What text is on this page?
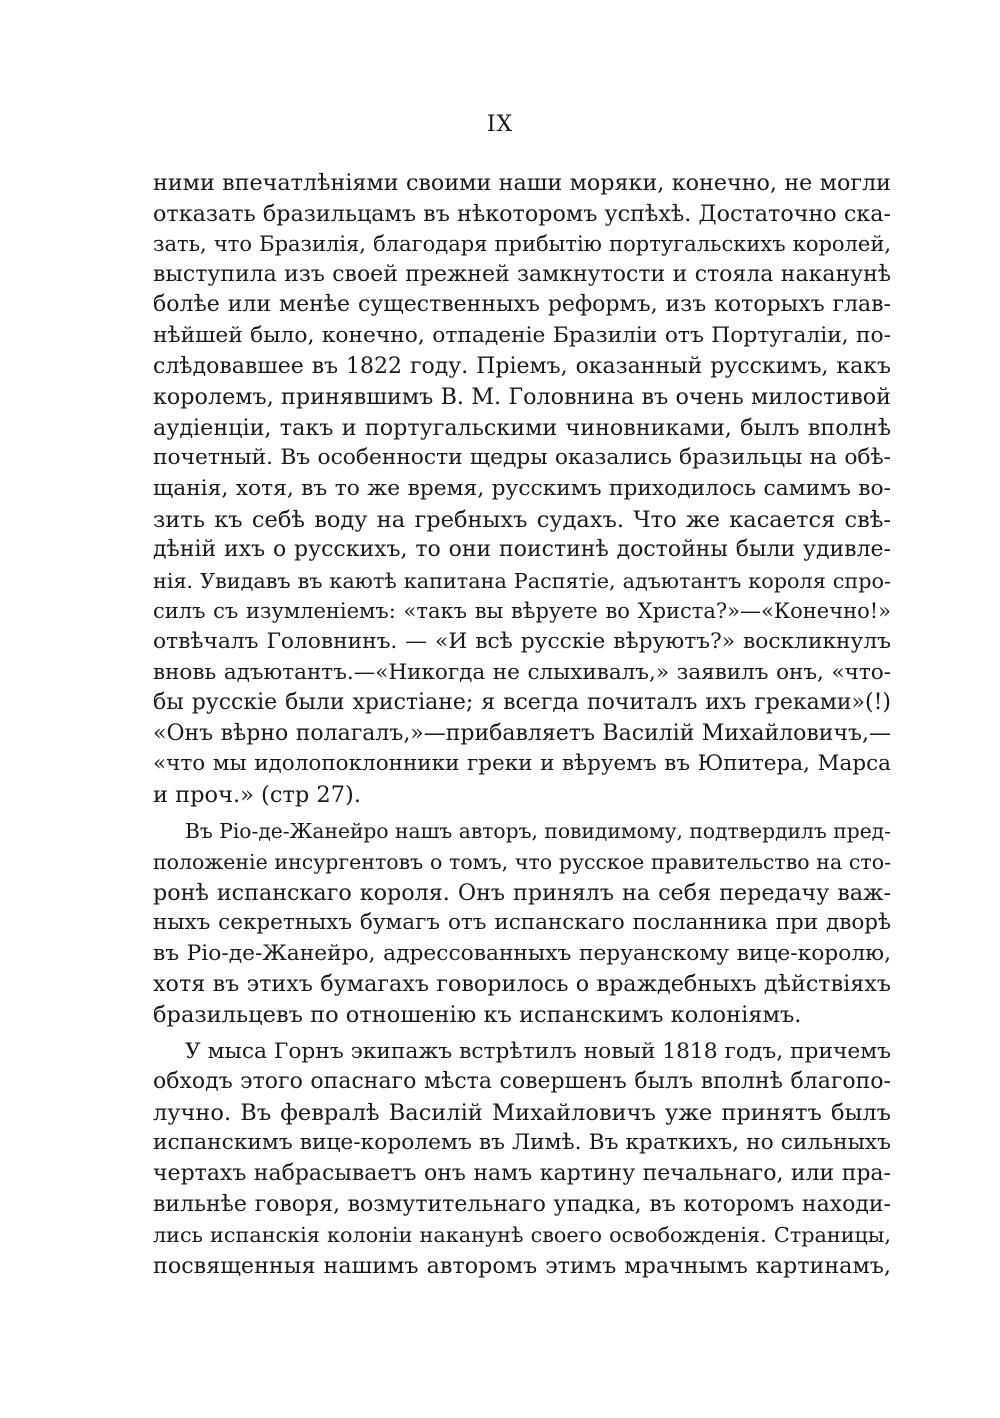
IX
ними впечатлѣніями своими наши моряки, конечно, не могли
отказать бразильцамъ въ нѣкоторомъ успѣхѣ. Достаточно ска-
зать, что Бразилія, благодаря прибытію португальскихъ королей,
выступила изъ своей прежней замкнутости и стояла наканунѣ
болѣе или менѣе существенныхъ реформъ, изъ которыхъ глав-
нѣйшей было, конечно, отпаденіе Бразиліи отъ Португаліи, по-
слѣдовавшее въ 1822 году. Пріемъ, оказанный русскимъ, какъ
королемъ, принявшимъ В. М. Головнина въ очень милостивой
аудіенціи, такъ и португальскими чиновниками, былъ вполнѣ
почетный. Въ особенности щедры оказались бразильцы на обѣ-
щанія, хотя, въ то же время, русскимъ приходилось самимъ во-
зить къ себѣ воду на гребныхъ судахъ. Что же касается свѣ-
дѣній ихъ о русскихъ, то они поистинѣ достойны были удивле-
нія. Увидавъ въ каютѣ капитана Распятіе, адъютантъ короля спро-
силъ съ изумленіемъ: «такъ вы вѣруете во Христа?»—«Конечно!»
отвѣчалъ Головнинъ. — «И всѣ русскіе вѣруютъ?» воскликнулъ
вновь адъютантъ.—«Никогда не слыхивалъ,» заявилъ онъ, «что-
бы русскіе были христіане; я всегда почиталъ ихъ греками»(!)
«Онъ вѣрно полагалъ,»—прибавляетъ Василій Михайловичъ,—
«что мы идолопоклонники греки и вѣруемъ въ Юпитера, Марса
и проч.» (стр 27).
Въ Ріо-де-Жанейро нашъ авторъ, повидимому, подтвердилъ пред-
положеніе инсургентовъ о томъ, что русское правительство на сто-
ронѣ испанскаго короля. Онъ принялъ на себя передачу важ-
ныхъ секретныхъ бумагъ отъ испанскаго посланника при дворѣ
въ Ріо-де-Жанейро, адрессованныхъ перуанскому вице-королю,
хотя въ этихъ бумагахъ говорилось о враждебныхъ дѣйствіяхъ
бразильцевъ по отношенію къ испанскимъ колоніямъ.
У мыса Горнъ экипажъ встрѣтилъ новый 1818 годъ, причемъ
обходъ этого опаснаго мѣста совершенъ былъ вполнѣ благопо-
лучно. Въ февралѣ Василій Михайловичъ уже принятъ былъ
испанскимъ вице-королемъ въ Лимѣ. Въ краткихъ, но сильныхъ
чертахъ набрасываетъ онъ намъ картину печальнаго, или пра-
вильнѣе говоря, возмутительнаго упадка, въ которомъ находи-
лись испанскія колоніи наканунѣ своего освобожденія. Страницы,
посвященныя нашимъ авторомъ этимъ мрачнымъ картинамъ,
